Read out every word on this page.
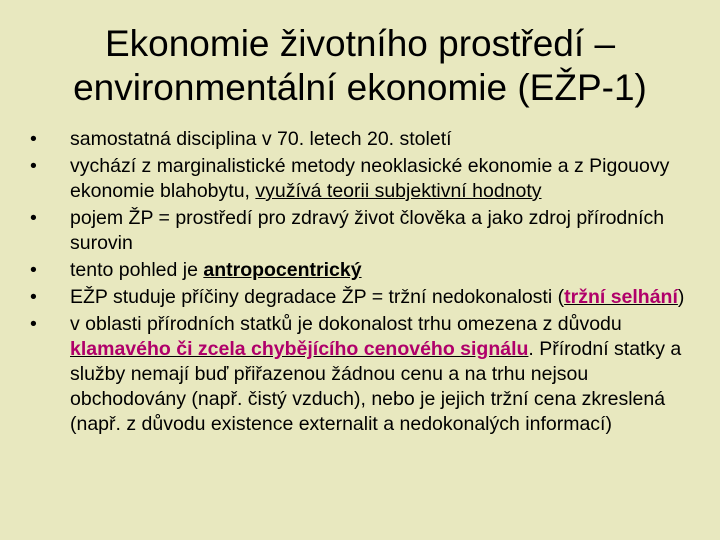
Ekonomie životního prostředí –
environmentální ekonomie (EŽP-1)
•	samostatná disciplina v 70. letech 20. století
•	vychází z marginalistické metody neoklasické ekonomie a z Pigouovy ekonomie blahobytu, využívá teorii subjektivní hodnoty
•	pojem ŽP = prostředí pro zdravý život člověka a jako zdroj přírodních surovin
•	tento pohled je antropocentrický
•	EŽP studuje příčiny degradace ŽP = tržní nedokonalosti (tržní selhání)
•	v oblasti přírodních statků je dokonalost trhu omezena z důvodu klamavého či zcela chybějícího cenového signálu. Přírodní statky a služby nemají buď přiřazenou žádnou cenu a na trhu nejsou obchodovány (např. čistý vzduch), nebo je jejich tržní cena zkreslená (např. z důvodu existence externalit a nedokonalých informací)
